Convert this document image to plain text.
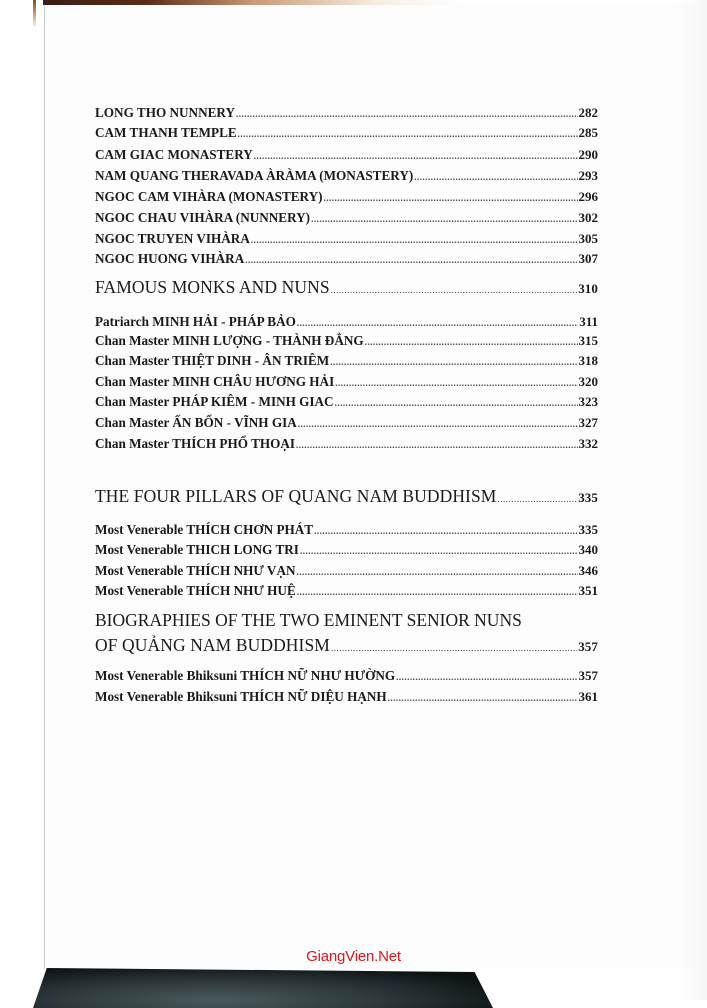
LONG THO NUNNERY .....	282
CAM THANH TEMPLE .....	285
CAM GIAC MONASTERY .....	290
NAM QUANG THERAVADA ÀRÀMA (MONASTERY) .....	293
NGOC CAM VIHÀRA (MONASTERY) .....	296
NGOC CHAU VIHÀRA (NUNNERY) .....	302
NGOC TRUYEN VIHÀRA .....	305
NGOC HUONG VIHÀRA .....	307
FAMOUS MONKS AND NUNS .....	310
Patriarch MINH HẢI - PHÁP BẢO .....	311
Chan Master MINH LƯỢNG - THÀNH ĐẲNG .....	315
Chan Master THIỆT DINH - ÂN TRIÊM .....	318
Chan Master MINH CHÂU HƯƠNG HẢI .....	320
Chan Master PHÁP KIÊM - MINH GIAC .....	323
Chan Master ẤN BỔN - VĨNH GIA .....	327
Chan Master THÍCH PHỔ THOẠI .....	332
THE FOUR PILLARS OF QUANG NAM BUDDHISM .....	335
Most Venerable THÍCH CHƠN PHÁT .....	335
Most Venerable THICH LONG TRI .....	340
Most Venerable THÍCH NHƯ VẠN .....	346
Most Venerable THÍCH NHƯ HUỆ .....	351
BIOGRAPHIES OF THE TWO EMINENT SENIOR NUNS
OF QUẢNG NAM BUDDHISM .....	357
Most Venerable Bhiksuni THÍCH NỮ NHƯ HƯỜNG .....	357
Most Venerable Bhiksuni THÍCH NỮ DIỆU HẠNH .....	361
GiangVien.Net
